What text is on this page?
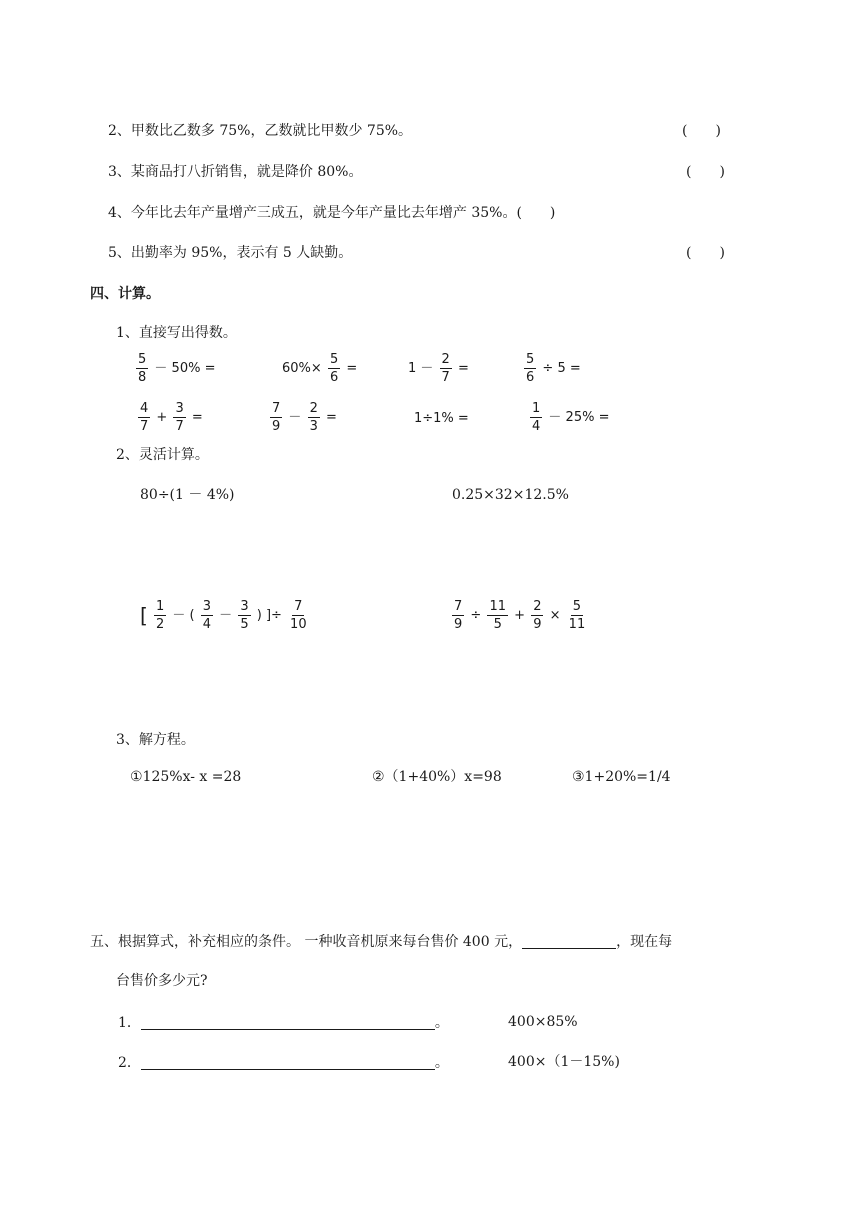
2、甲数比乙数多 75%，乙数就比甲数少 75%。	(　　)
3、某商品打八折销售，就是降价 80%。	(　　)
4、今年比去年产量增产三成五，就是今年产量比去年增产 35%。(　　)
5、出勤率为 95%，表示有 5 人缺勤。	(　　)
四、计算。
1、直接写出得数。
$\frac{5}{8} - 50\%$ =	$60\%\times \frac{5}{6}$ =	$1 - \frac{2}{7}$ =	$\frac{5}{6} \div 5$ =
$\frac{4}{7} + \frac{3}{7}$ =	$\frac{7}{9} - \frac{2}{3}$ =	1÷1% =	$\frac{1}{4} - 25\%$ =
2、灵活计算。
80÷(1 － 4%)	0.25×32×12.5%
[ $\frac{1}{2}$ － ( $\frac{3}{4} - \frac{3}{5}$ ) ]÷ $\frac{7}{10}$	$\frac{7}{9} \div \frac{11}{5} + \frac{2}{9} \times \frac{5}{11}$
3、解方程。
①125%x- x =28	②（1+40%）x=98	③1+20%=1/4
五、根据算式，补充相应的条件。 一种收音机原来每台售价 400 元，	，现在每
台售价多少元?
1．	。	400×85%
2．	。	400×（1－15%)
